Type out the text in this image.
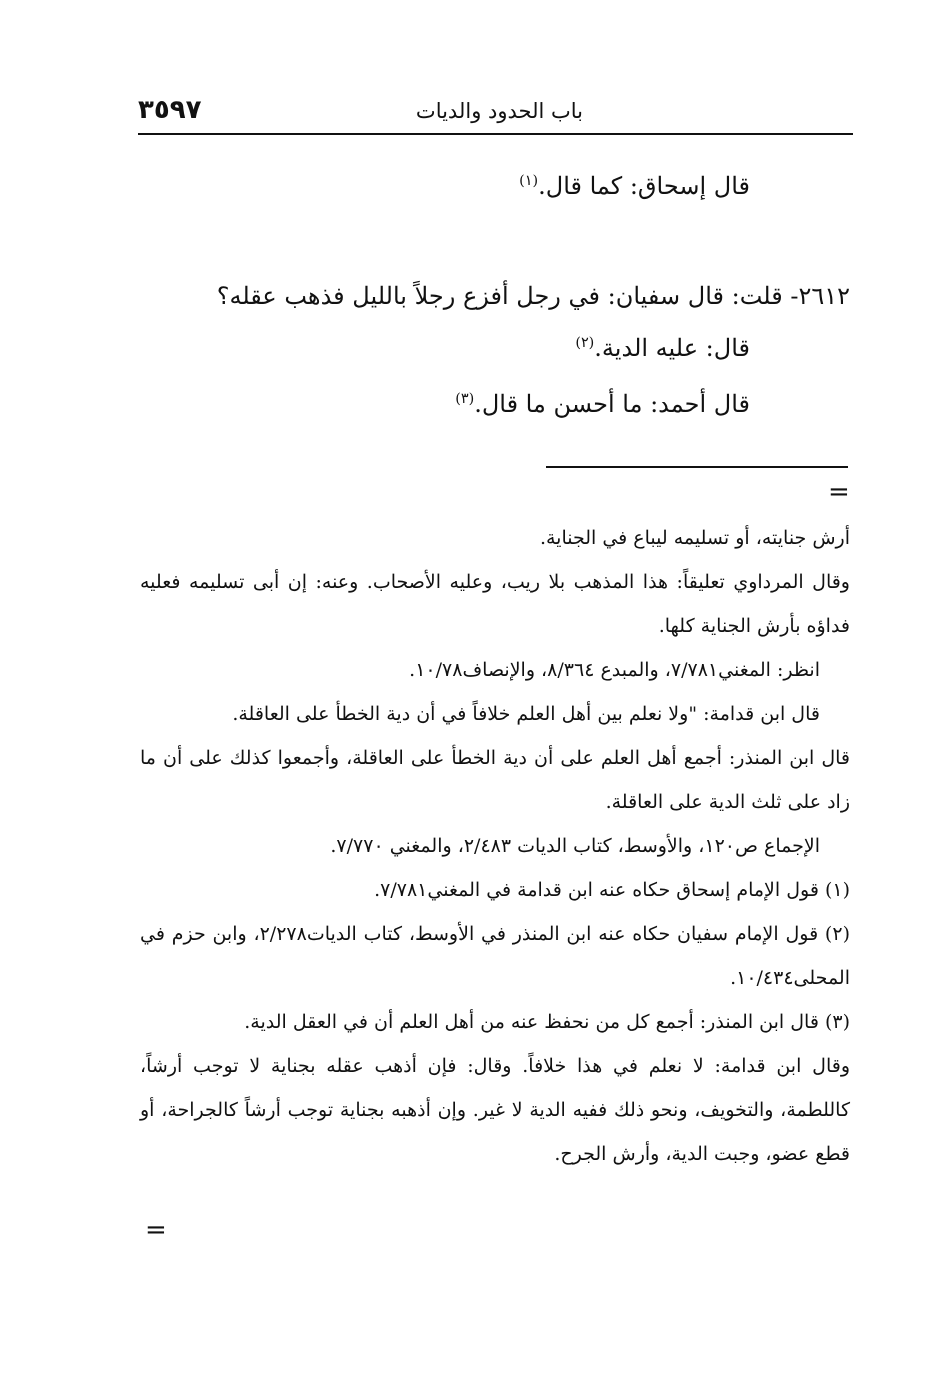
باب الحدود والديات
٣٥٩٧
قال إسحاق: كما قال.$^{(١)}$
٢٦١٢- قلت: قال سفيان: في رجل أفزع رجلاً بالليل فذهب عقله؟
قال: عليه الدية.$^{(٢)}$
قال أحمد: ما أحسن ما قال.$^{(٣)}$
=

أرش جنايته، أو تسليمه ليباع في الجناية.

وقال المرداوي تعليقاً: هذا المذهب بلا ريب، وعليه الأصحاب. وعنه: إن أبى تسليمه فعليه فداؤه بأرش الجناية كلها.

انظر: المغني٧/٧٨١، والمبدع ٨/٣٦٤، والإنصاف١٠/٧٨.

قال ابن قدامة: "ولا نعلم بين أهل العلم خلافاً في أن دية الخطأ على العاقلة.

قال ابن المنذر: أجمع أهل العلم على أن دية الخطأ على العاقلة، وأجمعوا كذلك على أن ما زاد على ثلث الدية على العاقلة.

الإجماع ص١٢٠، والأوسط، كتاب الديات ٢/٤٨٣، والمغني ٧/٧٧٠.

(١) قول الإمام إسحاق حكاه عنه ابن قدامة في المغني٧/٧٨١.

(٢) قول الإمام سفيان حكاه عنه ابن المنذر في الأوسط، كتاب الديات٢/٢٧٨، وابن حزم في المحلى١٠/٤٣٤.

(٣) قال ابن المنذر: أجمع كل من نحفظ عنه من أهل العلم أن في العقل الدية.

وقال ابن قدامة: لا نعلم في هذا خلافاً. وقال: فإن أذهب عقله بجناية لا توجب أرشاً، كاللطمة، والتخويف، ونحو ذلك ففيه الدية لا غير. وإن أذهبه بجناية توجب أرشاً كالجراحة، أو قطع عضو، وجبت الدية، وأرش الجرح.

=
